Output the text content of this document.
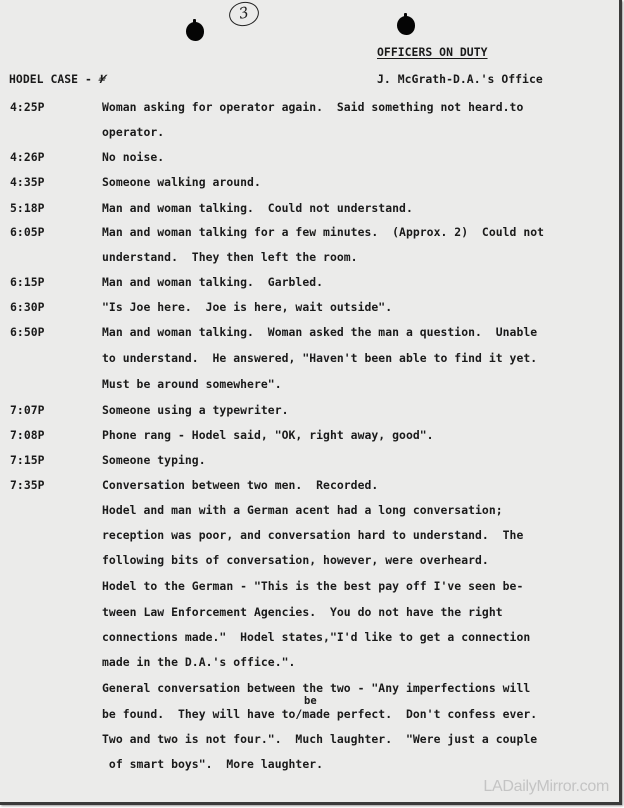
3
OFFICERS ON DUTY
J. McGrath-D.A.'s Office
HODEL CASE - ¥
4:25P	Woman asking for operator again.  Said something not heard.to
operator.
4:26P	No noise.
4:35P	Someone walking around.
5:18P	Man and woman talking.  Could not understand.
6:05P	Man and woman talking for a few minutes.  (Approx. 2)  Could not
understand.  They then left the room.
6:15P	Man and woman talking.  Garbled.
6:30P	"Is Joe here.  Joe is here, wait outside".
6:50P	Man and woman talking.  Woman asked the man a question.  Unable
to understand.  He answered, "Haven't been able to find it yet.
Must be around somewhere".
7:07P	Someone using a typewriter.
7:08P	Phone rang - Hodel said, "OK, right away, good".
7:15P	Someone typing.
7:35P	Conversation between two men.  Recorded.
Hodel and man with a German acent had a long conversation;
reception was poor, and conversation hard to understand.  The
following bits of conversation, however, were overheard.
Hodel to the German - "This is the best pay off I've seen be-
tween Law Enforcement Agencies.  You do not have the right
connections made."  Hodel states,"I'd like to get a connection
made in the D.A.'s office.".
General conversation between the two - "Any imperfections will
be
be found.  They will have to/made perfect.  Don't confess ever.
Two and two is not four.".  Much laughter.  "Were just a couple
of smart boys".  More laughter.
LADailyMirror.com
